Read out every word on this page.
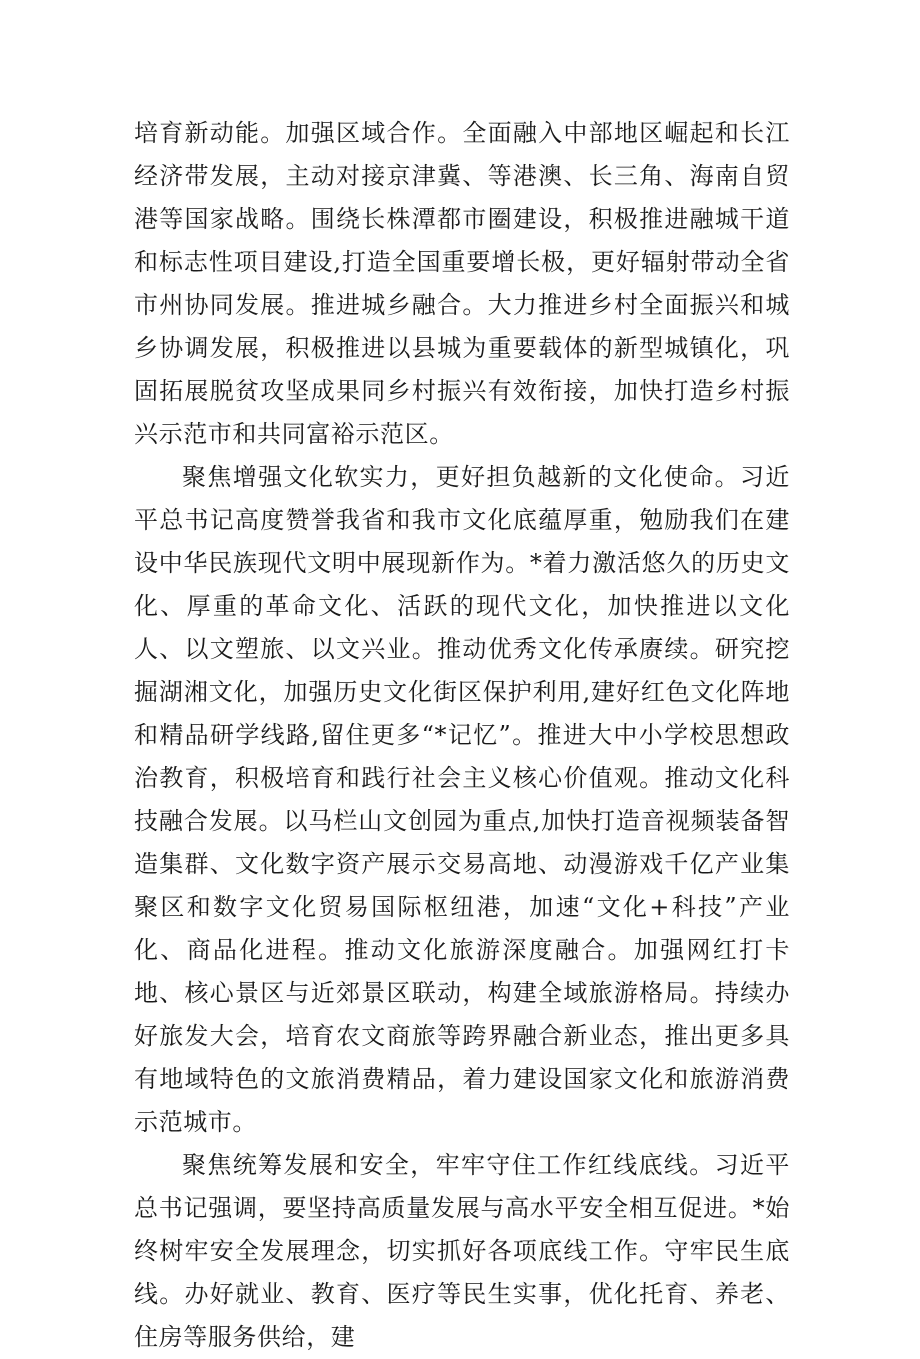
培育新动能。加强区域合作。全面融入中部地区崛起和长江经济带发展，主动对接京津冀、等港澳、长三角、海南自贸港等国家战略。围绕长株潭都市圈建设，积极推进融城干道和标志性项目建设,打造全国重要增长极，更好辐射带动全省市州协同发展。推进城乡融合。大力推进乡村全面振兴和城乡协调发展，积极推进以县城为重要载体的新型城镇化，巩固拓展脱贫攻坚成果同乡村振兴有效衔接，加快打造乡村振兴示范市和共同富裕示范区。

聚焦增强文化软实力，更好担负越新的文化使命。习近平总书记高度赞誉我省和我市文化底蕴厚重，勉励我们在建设中华民族现代文明中展现新作为。*着力激活悠久的历史文化、厚重的革命文化、活跃的现代文化，加快推进以文化人、以文塑旅、以文兴业。推动优秀文化传承赓续。研究挖掘湖湘文化，加强历史文化街区保护利用,建好红色文化阵地和精品研学线路,留住更多“*记忆”。推进大中小学校思想政治教育，积极培育和践行社会主义核心价值观。推动文化科技融合发展。以马栏山文创园为重点,加快打造音视频装备智造集群、文化数字资产展示交易高地、动漫游戏千亿产业集聚区和数字文化贸易国际枢纽港，加速“文化+科技”产业化、商品化进程。推动文化旅游深度融合。加强网红打卡地、核心景区与近郊景区联动，构建全域旅游格局。持续办好旅发大会，培育农文商旅等跨界融合新业态，推出更多具有地域特色的文旅消费精品，着力建设国家文化和旅游消费示范城市。

聚焦统筹发展和安全，牢牢守住工作红线底线。习近平总书记强调，要坚持高质量发展与高水平安全相互促进。*始终树牢安全发展理念，切实抓好各项底线工作。守牢民生底线。办好就业、教育、医疗等民生实事，优化托育、养老、住房等服务供给，建
